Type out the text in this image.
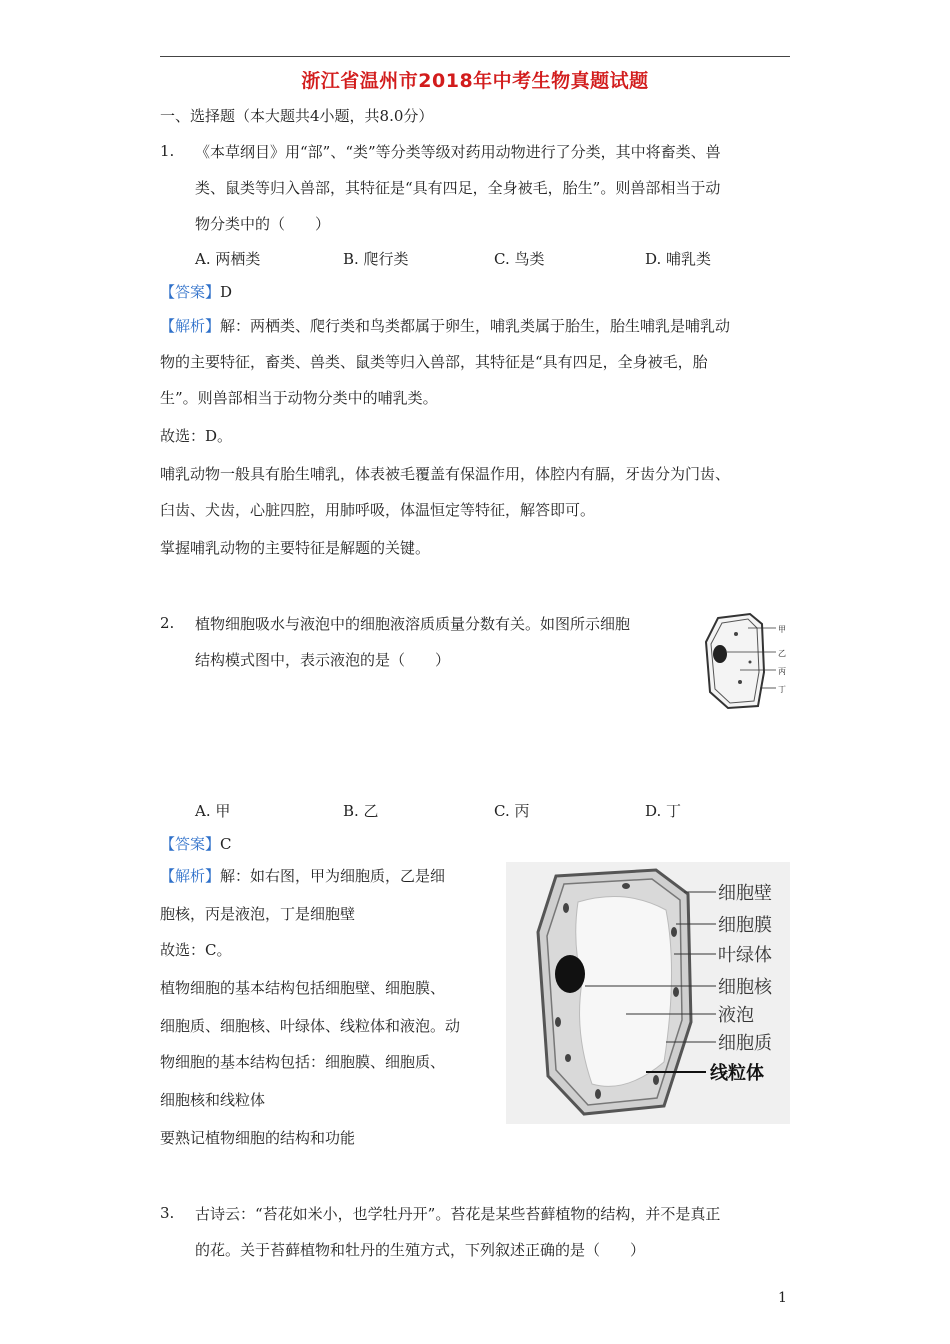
浙江省温州市2018年中考生物真题试题
一、选择题（本大题共4小题，共8.0分）
1. 《本草纲目》用“部”、“类”等分类等级对药用动物进行了分类，其中将畜类、兽
类、鼠类等归入兽部，其特征是“具有四足，全身被毛，胎生”。则兽部相当于动
物分类中的（　　）
A. 两栖类	B. 爬行类	C. 鸟类	D. 哺乳类
【答案】D
【解析】解：两栖类、爬行类和鸟类都属于卵生，哺乳类属于胎生，胎生哺乳是哺乳动
物的主要特征，畜类、兽类、鼠类等归入兽部，其特征是“具有四足，全身被毛，胎
生”。则兽部相当于动物分类中的哺乳类。
故选：D。
哺乳动物一般具有胎生哺乳，体表被毛覆盖有保温作用，体腔内有膈，牙齿分为门齿、
臼齿、犬齿，心脏四腔，用肺呼吸，体温恒定等特征，解答即可。
掌握哺乳动物的主要特征是解题的关键。
2. 植物细胞吸水与液泡中的细胞液溶质质量分数有关。如图所示细胞
结构模式图中，表示液泡的是（　　）
甲
乙
丙
丁
A. 甲	B. 乙	C. 丙	D. 丁
【答案】C
【解析】解：如右图，甲为细胞质，乙是细
胞核，丙是液泡，丁是细胞壁
故选：C。
植物细胞的基本结构包括细胞壁、细胞膜、
细胞质、细胞核、叶绿体、线粒体和液泡。动
物细胞的基本结构包括：细胞膜、细胞质、
细胞核和线粒体
要熟记植物细胞的结构和功能
细胞壁
细胞膜
叶绿体
细胞核
液泡
细胞质
线粒体
3. 古诗云：“苔花如米小，也学牡丹开”。苔花是某些苔藓植物的结构，并不是真正
的花。关于苔藓植物和牡丹的生殖方式，下列叙述正确的是（　　）
1
